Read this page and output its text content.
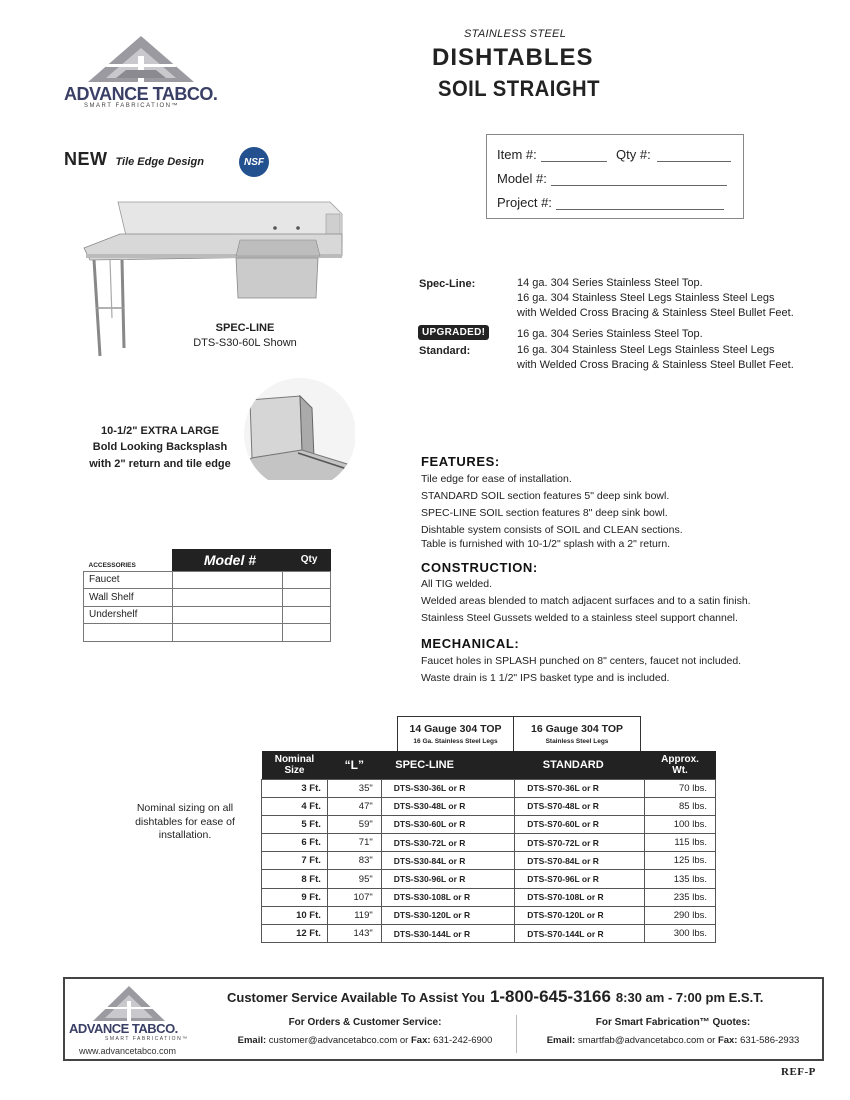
ADVANCE TABCO.
SMART FABRICATION™
STAINLESS STEEL
DISHTABLES
SOIL STRAIGHT
Item #:	Qty #:
Model #:
Project #:
NEW Tile Edge Design	NSF
SPEC-LINE
DTS-S30-60L Shown
10-1/2" EXTRA LARGE
Bold Looking Backsplash
with 2" return and tile edge
Spec-Line:	14 ga. 304 Series Stainless Steel Top.
16 ga. 304 Stainless Steel Legs Stainless Steel Legs
with Welded Cross Bracing & Stainless Steel Bullet Feet.
UPGRADED!
Standard:
16 ga. 304 Series Stainless Steel Top.
16 ga. 304 Stainless Steel Legs Stainless Steel Legs
with Welded Cross Bracing & Stainless Steel Bullet Feet.
FEATURES:
Tile edge for ease of installation.
STANDARD SOIL section features 5" deep sink bowl.
SPEC-LINE SOIL section features 8" deep sink bowl.
Dishtable system consists of SOIL and CLEAN sections.
Table is furnished with 10-1/2" splash with a 2" return.
CONSTRUCTION:
All TIG welded.
Welded areas blended to match adjacent surfaces and to a satin finish.
Stainless Steel Gussets welded to a stainless steel support channel.
MECHANICAL:
Faucet holes in SPLASH punched on 8" centers, faucet not included.
Waste drain is 1 1/2" IPS basket type and is included.
ACCESSORIES	Model #	Qty
Faucet		
Wall Shelf		
Undershelf		

14 Gauge 304 TOP
16 Ga. Stainless Steel Legs
16 Gauge 304 TOP
Stainless Steel Legs
Nominal Size	“L”	SPEC-LINE	STANDARD	Approx. Wt.
3 Ft.	35"	DTS-S30-36L or R	DTS-S70-36L or R	70 lbs.
4 Ft.	47"	DTS-S30-48L or R	DTS-S70-48L or R	85 lbs.
5 Ft.	59"	DTS-S30-60L or R	DTS-S70-60L or R	100 lbs.
6 Ft.	71"	DTS-S30-72L or R	DTS-S70-72L or R	115 lbs.
7 Ft.	83"	DTS-S30-84L or R	DTS-S70-84L or R	125 lbs.
8 Ft.	95"	DTS-S30-96L or R	DTS-S70-96L or R	135 lbs.
9 Ft.	107"	DTS-S30-108L or R	DTS-S70-108L or R	235 lbs.
10 Ft.	119"	DTS-S30-120L or R	DTS-S70-120L or R	290 lbs.
12 Ft.	143"	DTS-S30-144L or R	DTS-S70-144L or R	300 lbs.
Nominal sizing on all
dishtables for ease of
installation.
ADVANCE TABCO.
SMART FABRICATION™
www.advancetabco.com
Customer Service Available To Assist You 1-800-645-3166 8:30 am - 7:00 pm E.S.T.
For Orders & Customer Service:
Email: customer@advancetabco.com or Fax: 631-242-6900
For Smart Fabrication™ Quotes:
Email: smartfab@advancetabco.com or Fax: 631-586-2933
REF-P
